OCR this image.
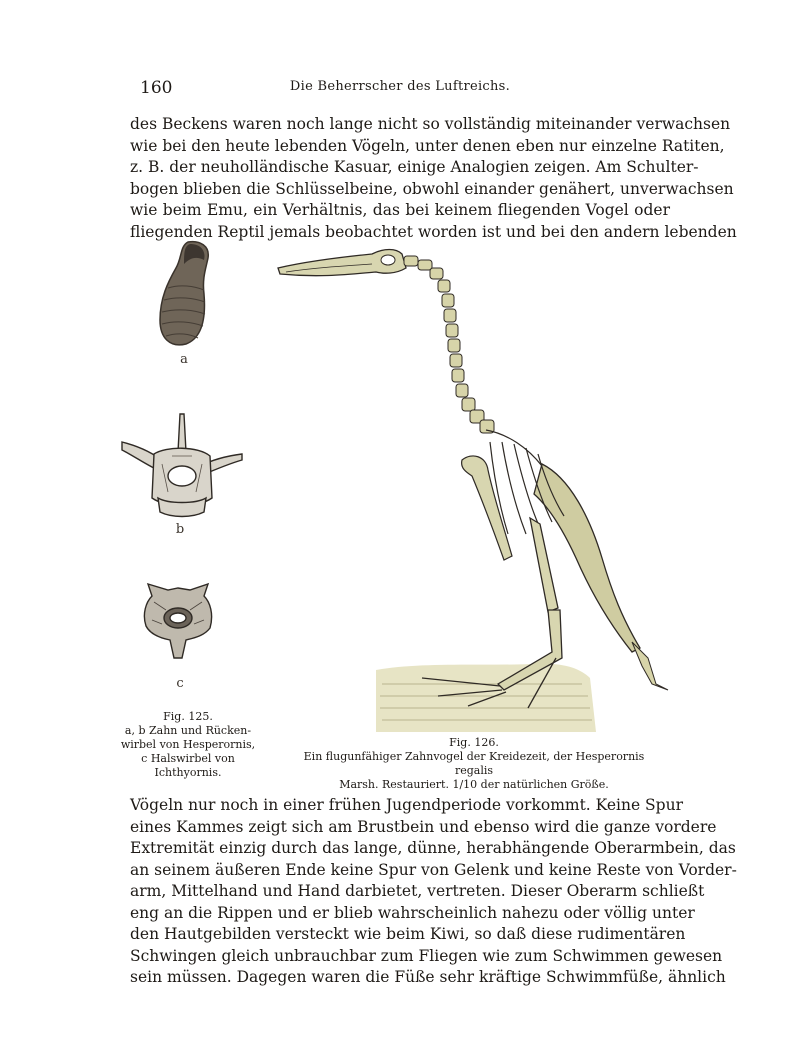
160	Die Beherrscher des Luftreichs.
des Beckens waren noch lange nicht so vollständig miteinander verwachsen
wie bei den heute lebenden Vögeln, unter denen eben nur einzelne Ratiten,
z. B. der neuholländische Kasuar, einige Analogien zeigen. Am Schulter-
bogen blieben die Schlüsselbeine, obwohl einander genähert, unverwachsen
wie beim Emu, ein Verhältnis, das bei keinem fliegenden Vogel oder
fliegenden Reptil jemals beobachtet worden ist und bei den andern lebenden
a
b
c
Fig. 125.
a, b Zahn und Rücken-
wirbel von Hesperornis,
c Halswirbel von
Ichthyornis.
Fig. 126.
Ein flugunfähiger Zahnvogel der Kreidezeit, der Hesperornis regalis
Marsh. Restauriert. 1/10 der natürlichen Größe.
Vögeln nur noch in einer frühen Jugendperiode vorkommt. Keine Spur
eines Kammes zeigt sich am Brustbein und ebenso wird die ganze vordere
Extremität einzig durch das lange, dünne, herabhängende Oberarmbein, das
an seinem äußeren Ende keine Spur von Gelenk und keine Reste von Vorder-
arm, Mittelhand und Hand darbietet, vertreten. Dieser Oberarm schließt
eng an die Rippen und er blieb wahrscheinlich nahezu oder völlig unter
den Hautgebilden versteckt wie beim Kiwi, so daß diese rudimentären
Schwingen gleich unbrauchbar zum Fliegen wie zum Schwimmen gewesen
sein müssen. Dagegen waren die Füße sehr kräftige Schwimmfüße, ähnlich
